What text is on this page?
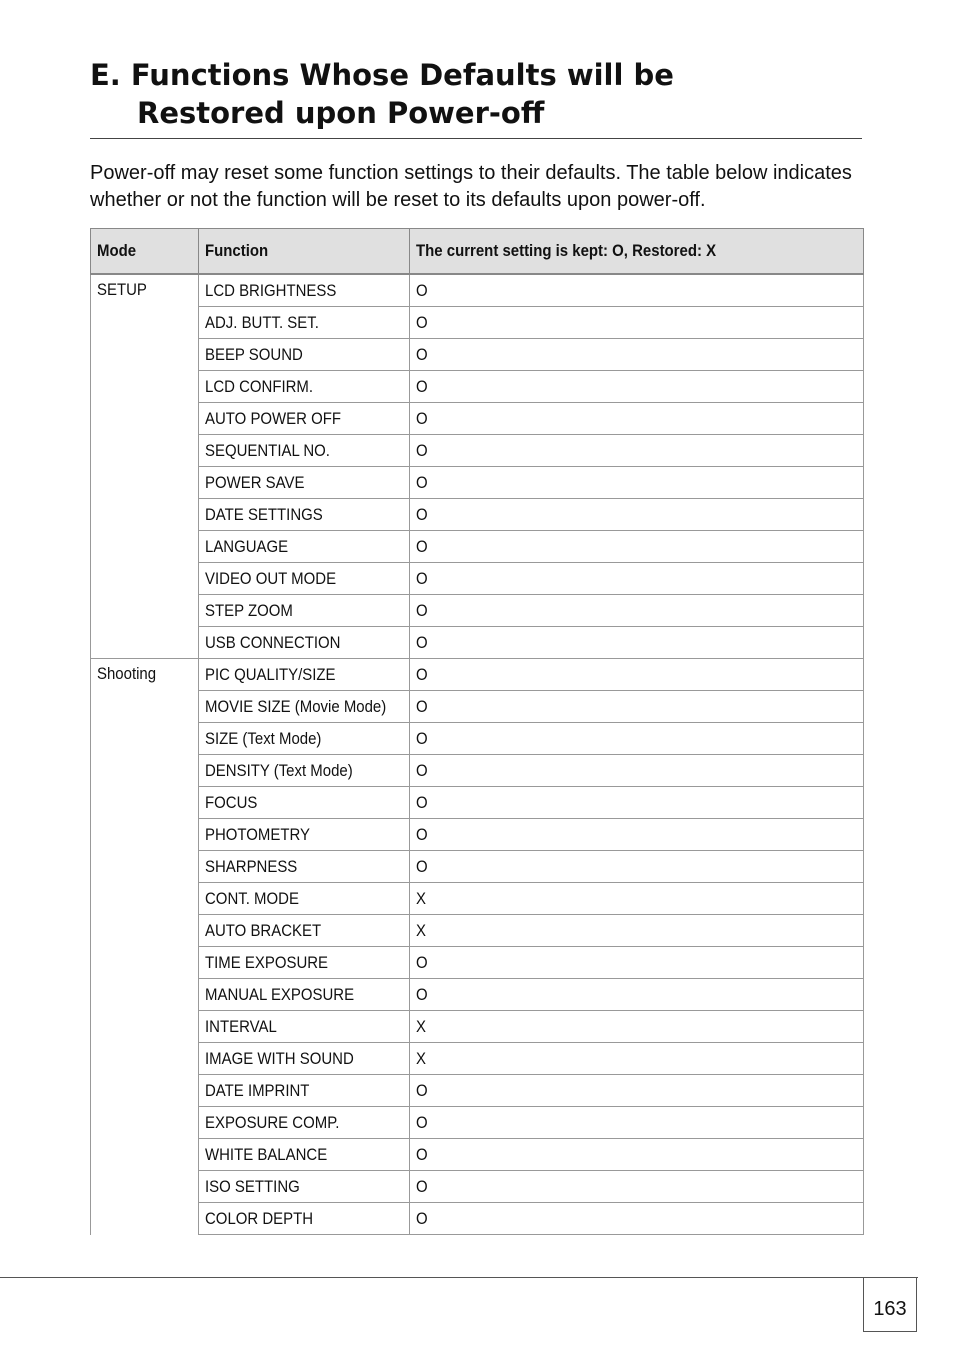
E. Functions Whose Defaults will be
Restored upon Power-off

Power-off may reset some function settings to their defaults. The table below indicates whether or not the function will be reset to its defaults upon power-off.

Mode	Function	The current setting is kept: O, Restored: X
SETUP	LCD BRIGHTNESS	O
	ADJ. BUTT. SET.	O
	BEEP SOUND	O
	LCD CONFIRM.	O
	AUTO POWER OFF	O
	SEQUENTIAL NO.	O
	POWER SAVE	O
	DATE SETTINGS	O
	LANGUAGE	O
	VIDEO OUT MODE	O
	STEP ZOOM	O
	USB CONNECTION	O
Shooting	PIC QUALITY/SIZE	O
	MOVIE SIZE (Movie Mode)	O
	SIZE (Text Mode)	O
	DENSITY (Text Mode)	O
	FOCUS	O
	PHOTOMETRY	O
	SHARPNESS	O
	CONT. MODE	X
	AUTO BRACKET	X
	TIME EXPOSURE	O
	MANUAL EXPOSURE	O
	INTERVAL	X
	IMAGE WITH SOUND	X
	DATE IMPRINT	O
	EXPOSURE COMP.	O
	WHITE BALANCE	O
	ISO SETTING	O
	COLOR DEPTH	O
163
